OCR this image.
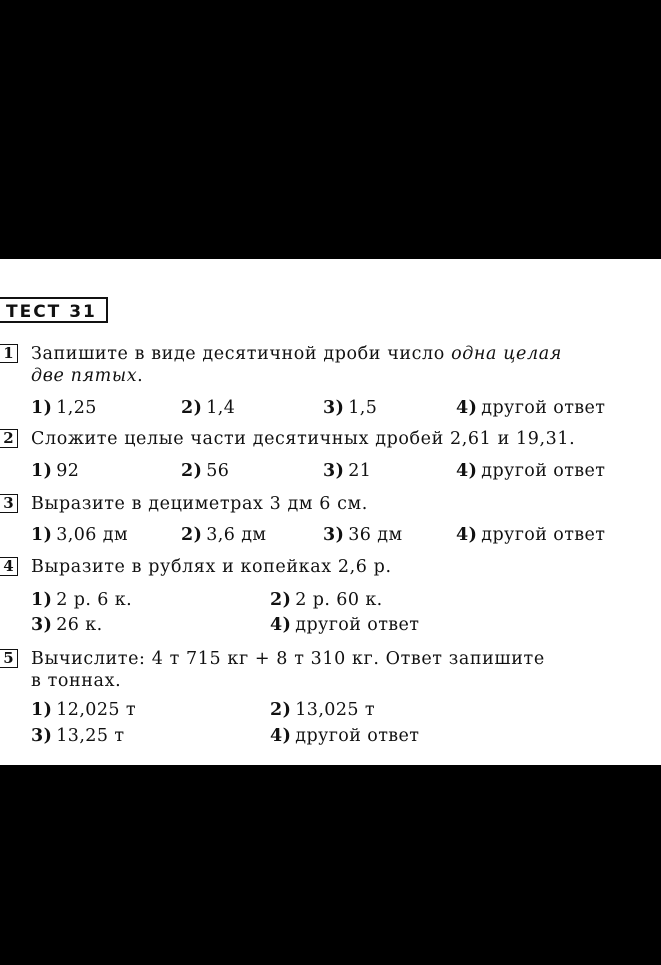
ТЕСТ 31
1 Запишите в виде десятичной дроби число одна целая
две пятых.
1) 1,25	2) 1,4	3) 1,5	4) другой ответ
2 Сложите целые части десятичных дробей 2,61 и 19,31.
1) 92	2) 56	3) 21	4) другой ответ
3 Выразите в дециметрах 3 дм 6 см.
1) 3,06 дм	2) 3,6 дм	3) 36 дм	4) другой ответ
4 Выразите в рублях и копейках 2,6 р.
1) 2 р. 6 к.	2) 2 р. 60 к.
3) 26 к.	4) другой ответ
5 Вычислите: 4 т 715 кг + 8 т 310 кг. Ответ запишите
в тоннах.
1) 12,025 т	2) 13,025 т
3) 13,25 т	4) другой ответ
